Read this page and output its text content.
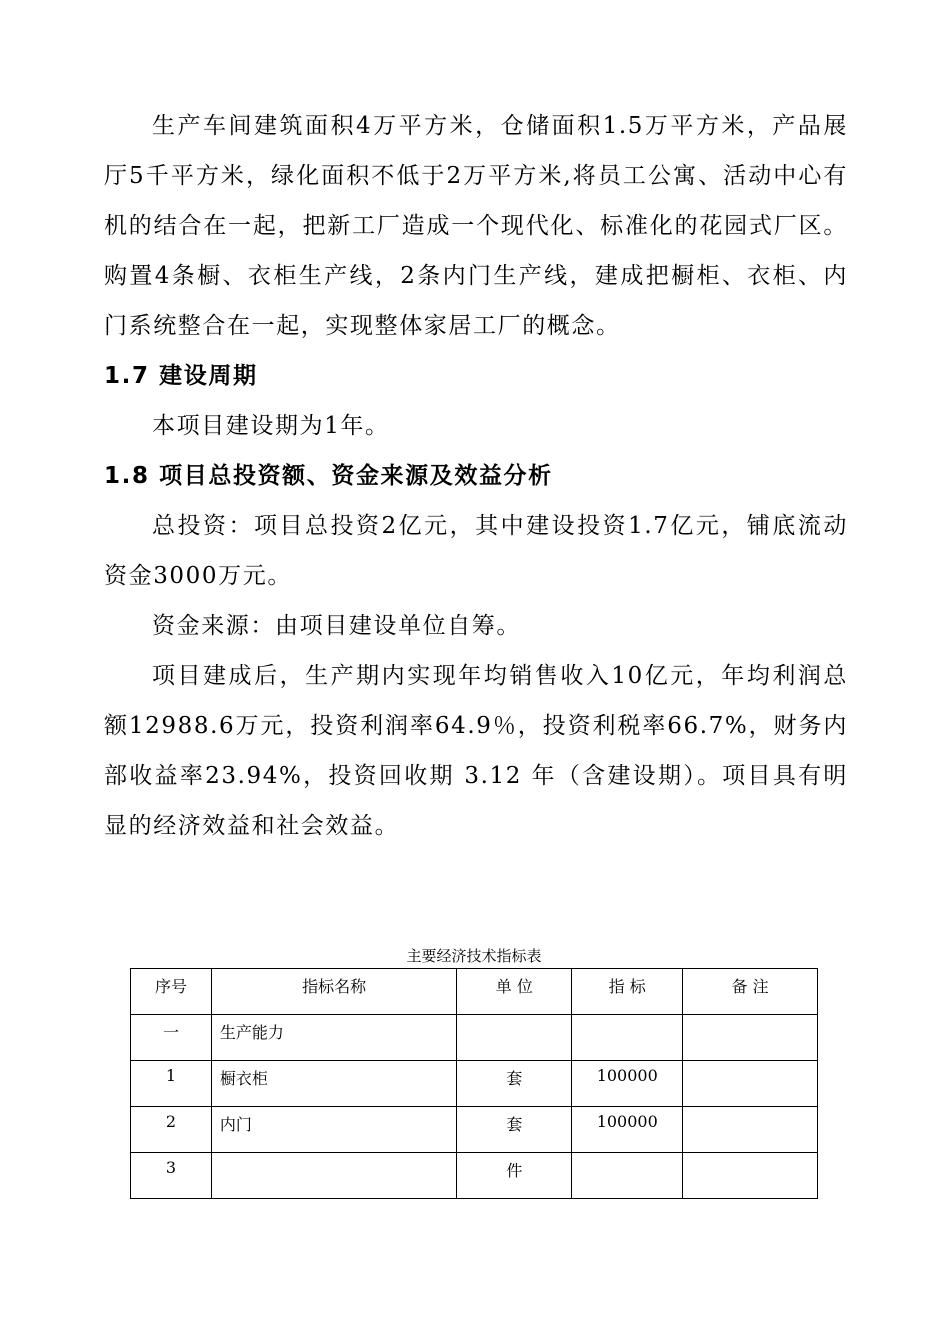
生产车间建筑面积4万平方米，仓储面积1.5万平方米，产品展厅5千平方米，绿化面积不低于2万平方米,将员工公寓、活动中心有机的结合在一起，把新工厂造成一个现代化、标准化的花园式厂区。购置4条橱、衣柜生产线，2条内门生产线，建成把橱柜、衣柜、内门系统整合在一起，实现整体家居工厂的概念。

1.7 建设周期

本项目建设期为1年。

1.8 项目总投资额、资金来源及效益分析

总投资：项目总投资2亿元，其中建设投资1.7亿元，铺底流动资金3000万元。

资金来源：由项目建设单位自筹。

项目建成后，生产期内实现年均销售收入10亿元，年均利润总额12988.6万元，投资利润率64.9％，投资利税率66.7%，财务内部收益率23.94%，投资回收期 3.12 年（含建设期）。项目具有明显的经济效益和社会效益。

主要经济技术指标表
序号	指标名称	单 位	指 标	备 注
一	生产能力			
1	橱衣柜	套	100000	
2	内门	套	100000	
3		件		
